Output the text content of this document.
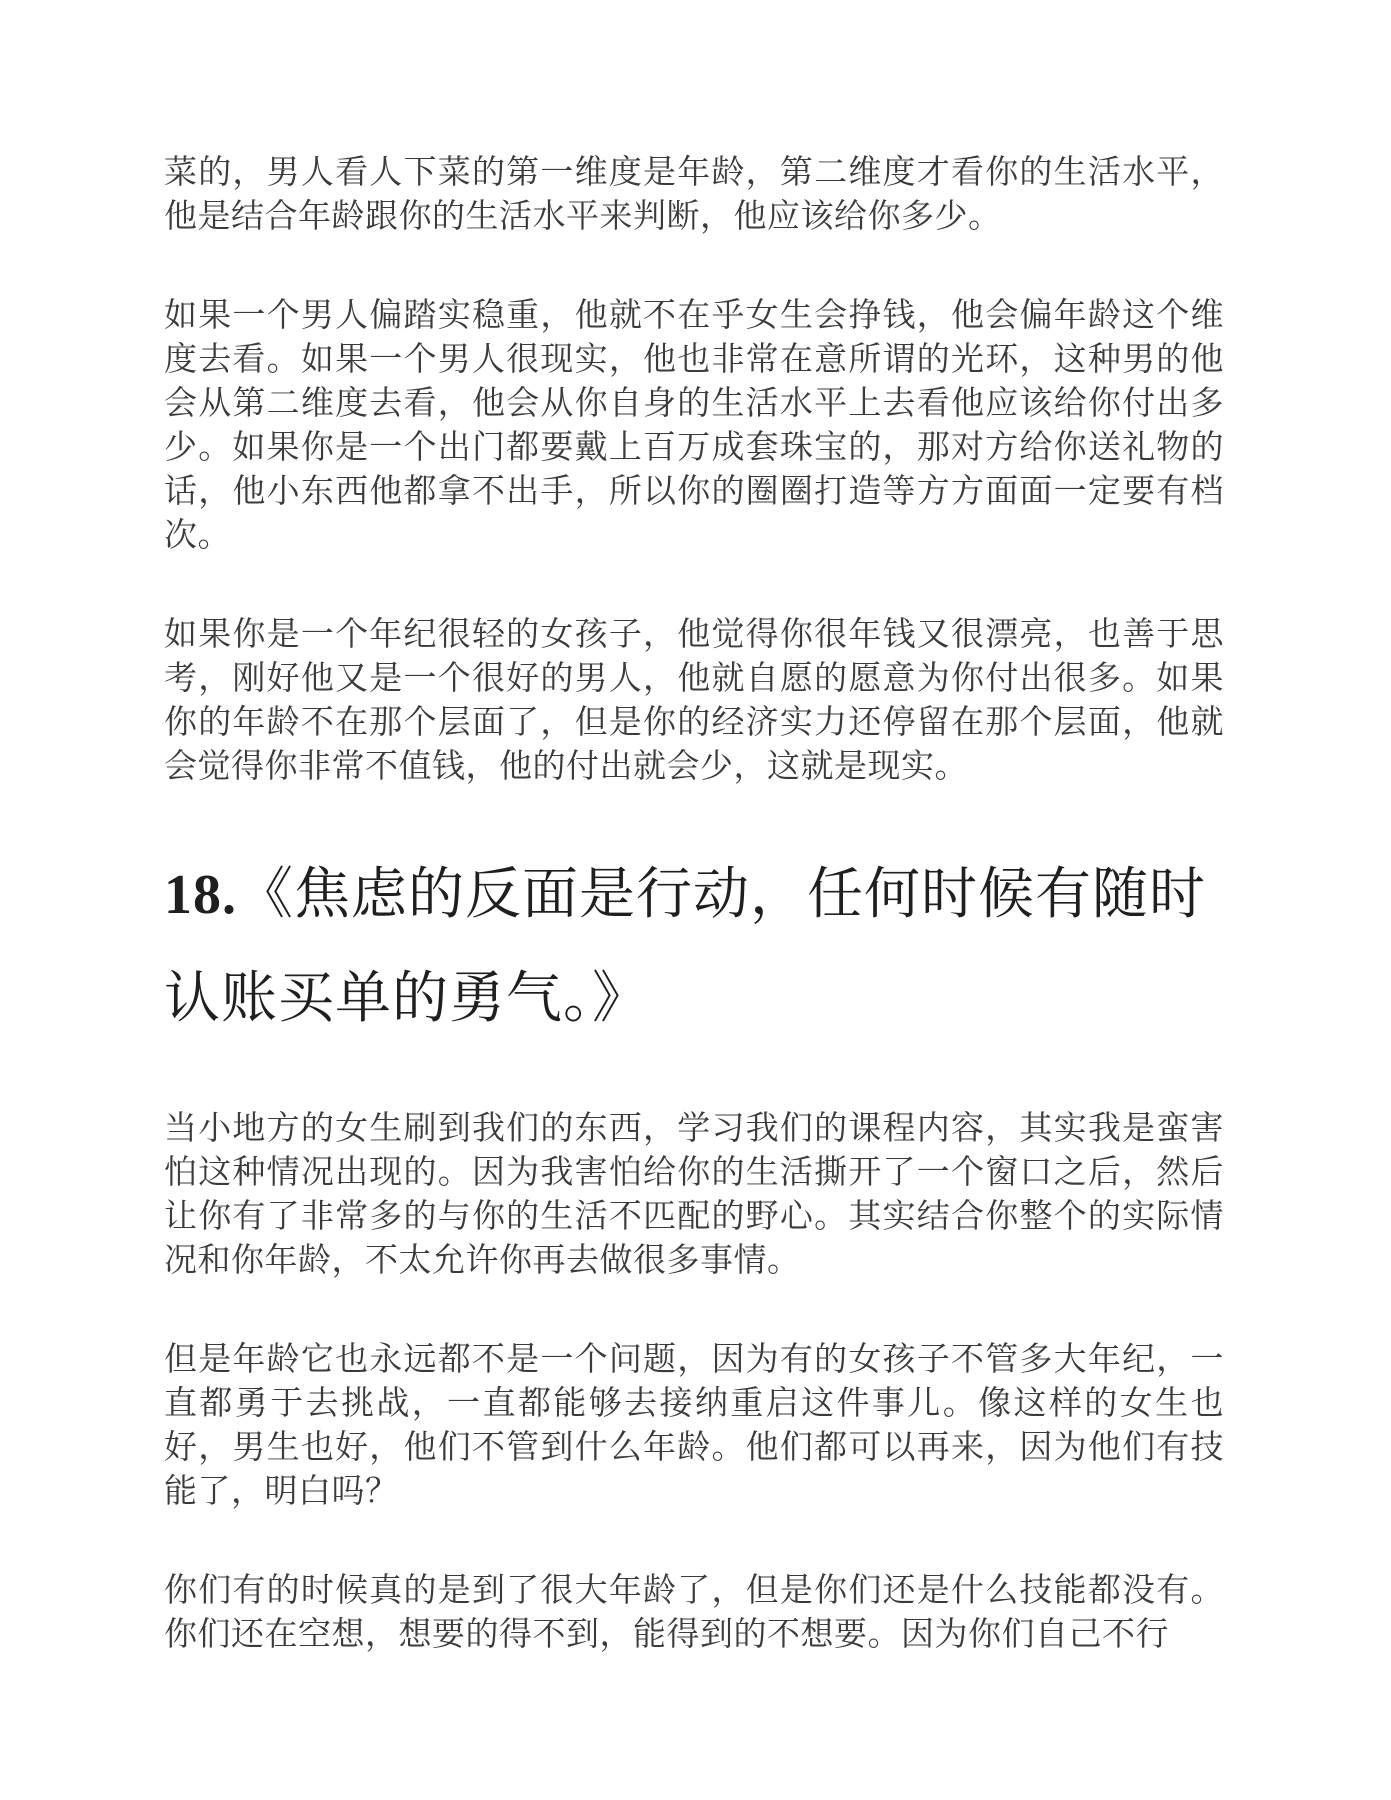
菜的，男人看人下菜的第一维度是年龄，第二维度才看你的生活水平，他是结合年龄跟你的生活水平来判断，他应该给你多少。

如果一个男人偏踏实稳重，他就不在乎女生会挣钱，他会偏年龄这个维度去看。如果一个男人很现实，他也非常在意所谓的光环，这种男的他会从第二维度去看，他会从你自身的生活水平上去看他应该给你付出多少。如果你是一个出门都要戴上百万成套珠宝的，那对方给你送礼物的话，他小东西他都拿不出手，所以你的圈圈打造等方方面面一定要有档次。

如果你是一个年纪很轻的女孩子，他觉得你很年钱又很漂亮，也善于思考，刚好他又是一个很好的男人，他就自愿的愿意为你付出很多。如果你的年龄不在那个层面了，但是你的经济实力还停留在那个层面，他就会觉得你非常不值钱，他的付出就会少，这就是现实。

18.《焦虑的反面是行动，任何时候有随时认账买单的勇气。》

当小地方的女生刷到我们的东西，学习我们的课程内容，其实我是蛮害怕这种情况出现的。因为我害怕给你的生活撕开了一个窗口之后，然后让你有了非常多的与你的生活不匹配的野心。其实结合你整个的实际情况和你年龄，不太允许你再去做很多事情。

但是年龄它也永远都不是一个问题，因为有的女孩子不管多大年纪，一直都勇于去挑战，一直都能够去接纳重启这件事儿。像这样的女生也好，男生也好，他们不管到什么年龄。他们都可以再来，因为他们有技能了，明白吗？

你们有的时候真的是到了很大年龄了，但是你们还是什么技能都没有。你们还在空想，想要的得不到，能得到的不想要。因为你们自己不行
